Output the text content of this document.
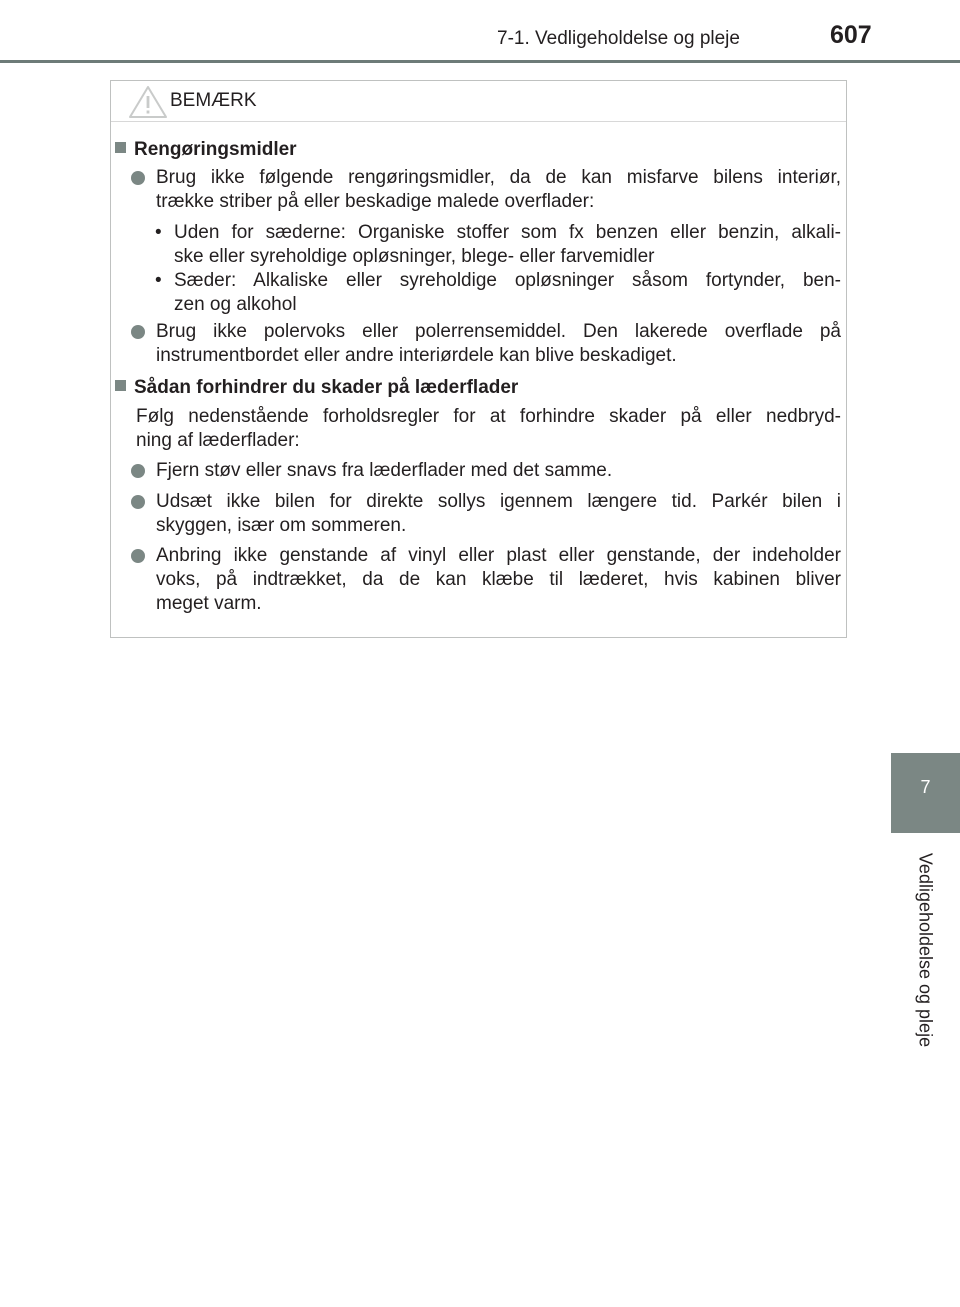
7-1. Vedligeholdelse og pleje	607
7
Vedligeholdelse og pleje
BEMÆRK
Rengøringsmidler
Brug ikke følgende rengøringsmidler, da de kan misfarve bilens interiør,
trække striber på eller beskadige malede overflader:
• Uden for sæderne: Organiske stoffer som fx benzen eller benzin, alkali-
ske eller syreholdige opløsninger, blege- eller farvemidler
• Sæder: Alkaliske eller syreholdige opløsninger såsom fortynder, ben-
zen og alkohol
Brug ikke polervoks eller polerrensemiddel. Den lakerede overflade på
instrumentbordet eller andre interiørdele kan blive beskadiget.
Sådan forhindrer du skader på læderflader
Følg nedenstående forholdsregler for at forhindre skader på eller nedbryd-
ning af læderflader:
Fjern støv eller snavs fra læderflader med det samme.
Udsæt ikke bilen for direkte sollys igennem længere tid. Parkér bilen i
skyggen, især om sommeren.
Anbring ikke genstande af vinyl eller plast eller genstande, der indeholder
voks, på indtrækket, da de kan klæbe til læderet, hvis kabinen bliver
meget varm.
